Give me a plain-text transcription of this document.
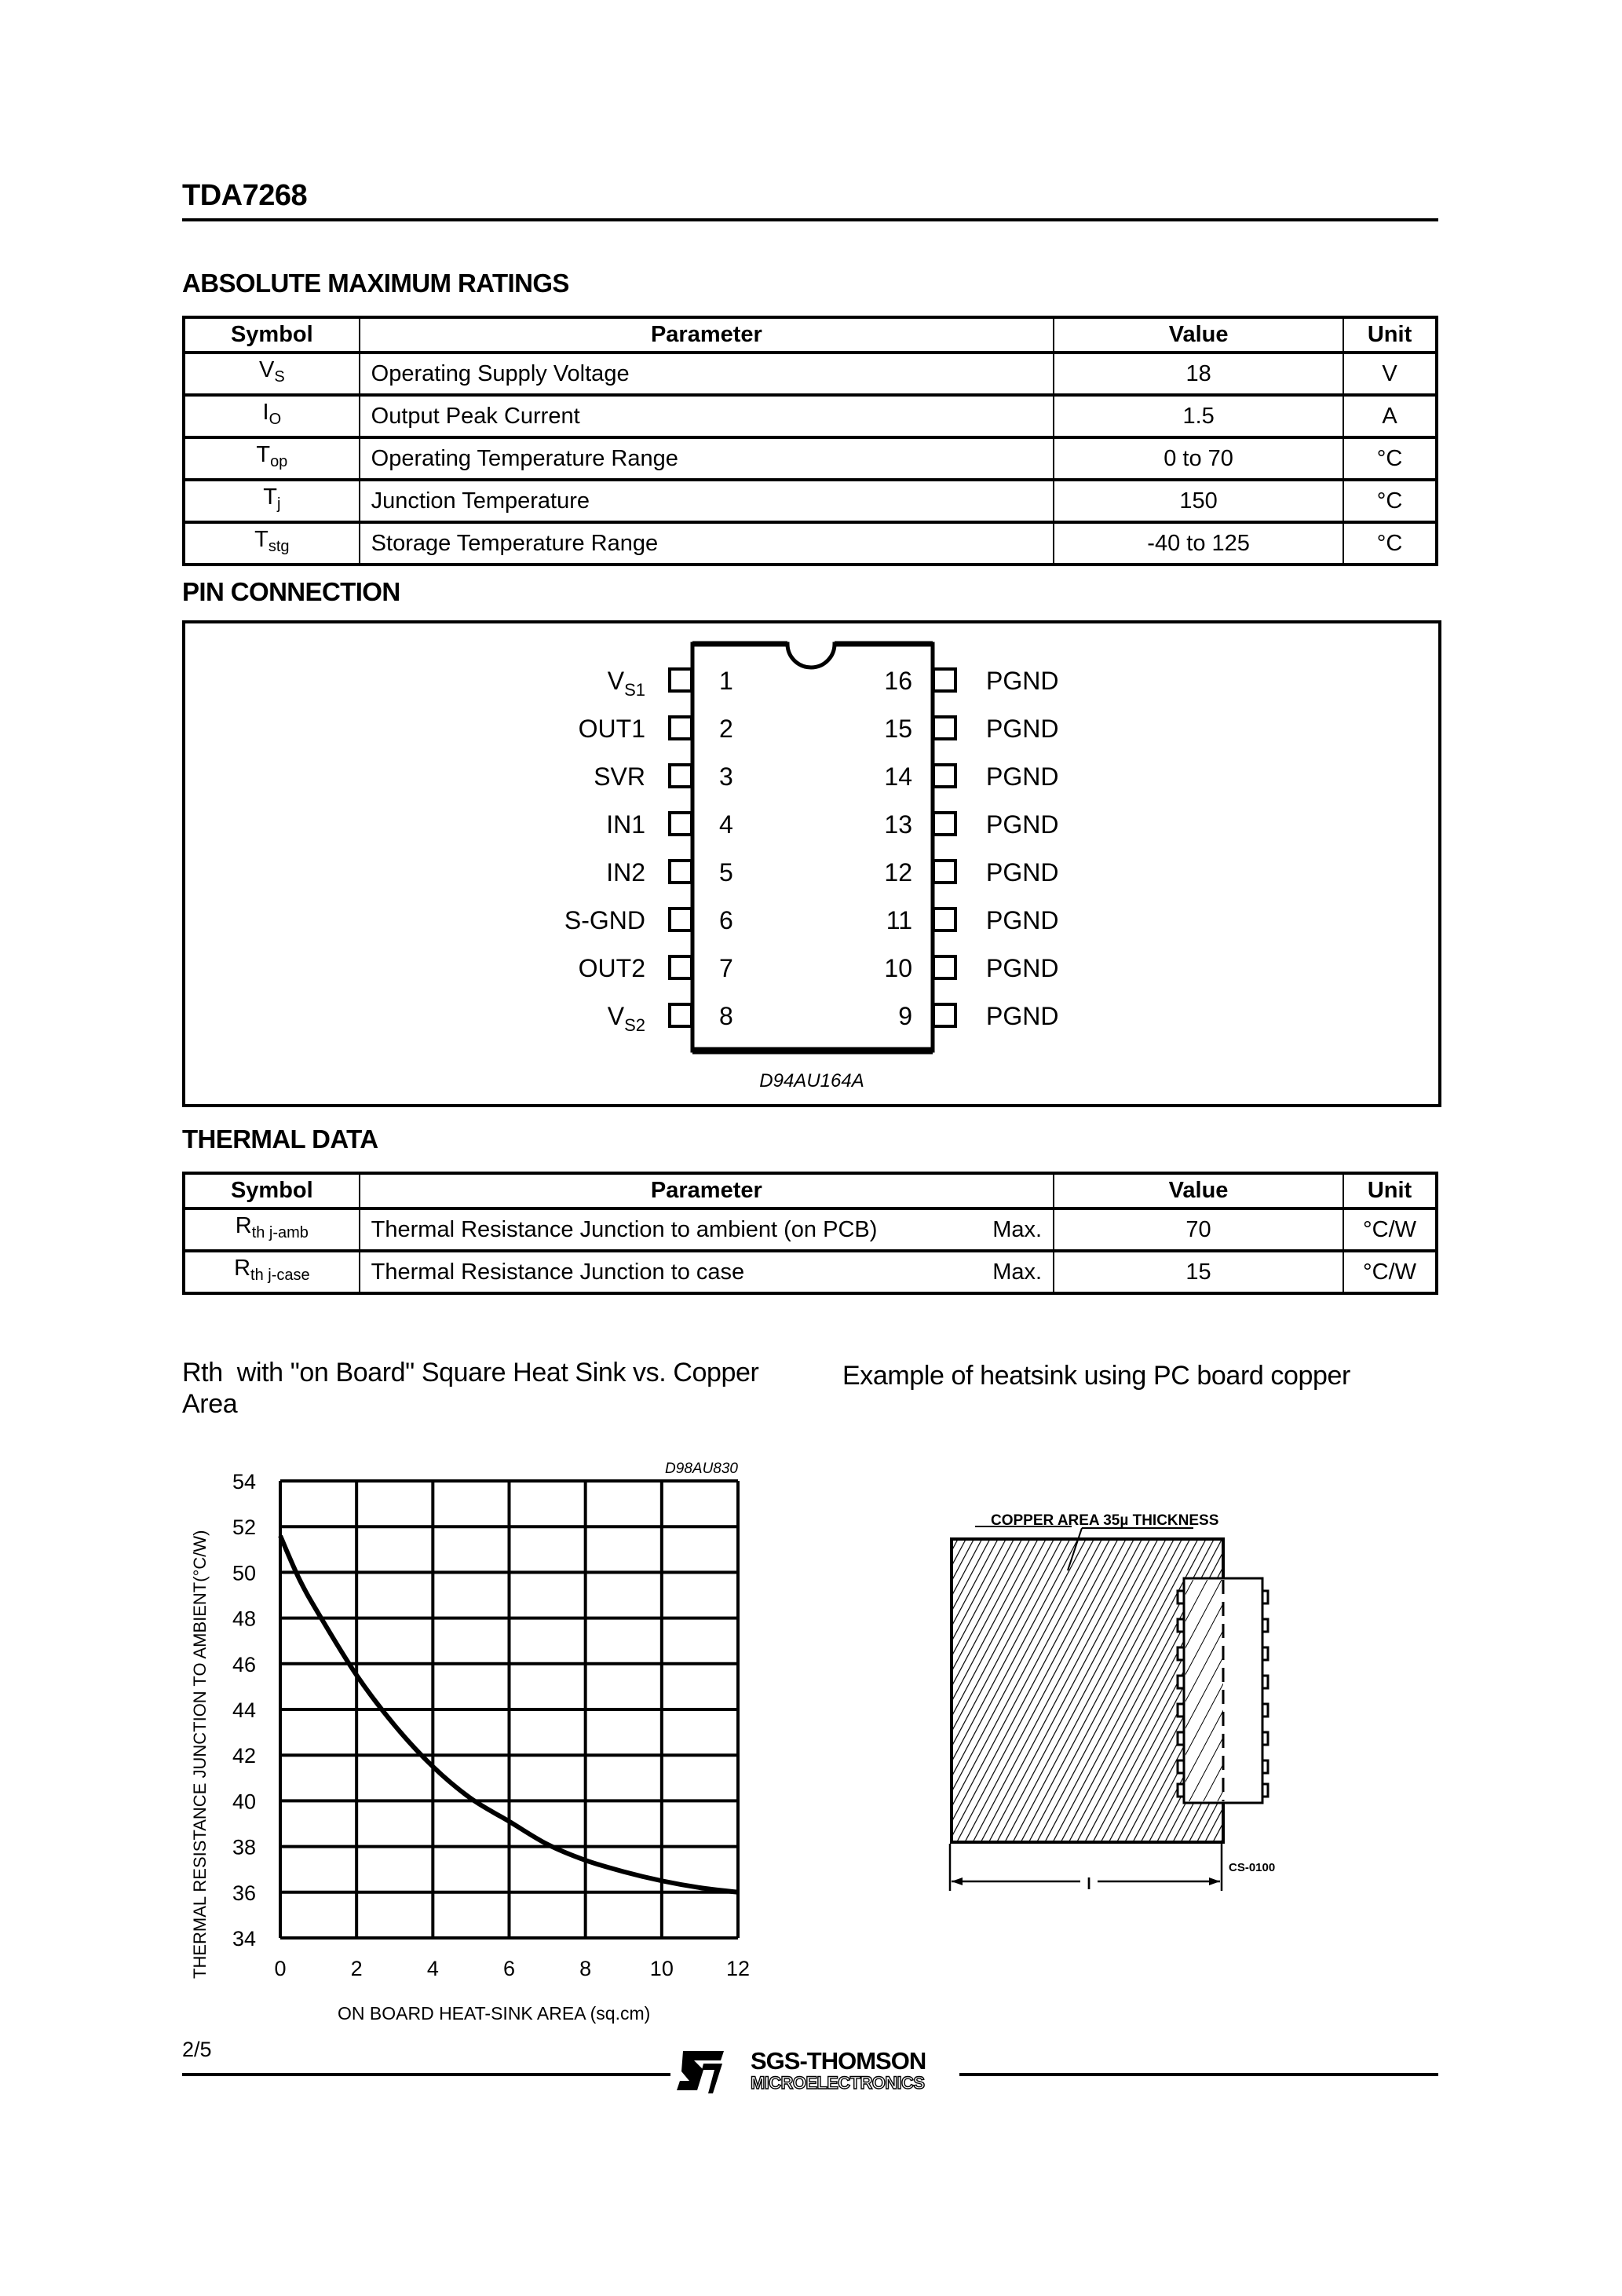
TDA7268
ABSOLUTE MAXIMUM RATINGS
Symbol	Parameter	Value	Unit
$V_S$	Operating Supply Voltage	18	V
$I_O$	Output Peak Current	1.5	A
$T_{op}$	Operating Temperature Range	0 to 70	°C
$T_j$	Junction Temperature	150	°C
$T_{stg}$	Storage Temperature Range	-40 to 125	°C
PIN CONNECTION
$V_{S1}$
OUT1
SVR
IN1
IN2
S-GND
OUT2
$V_{S2}$
1
2
3
4
5
6
7
8
16
15
14
13
12
11
10
9
PGND
PGND
PGND
PGND
PGND
PGND
PGND
PGND
D94AU164A
THERMAL DATA
Symbol	Parameter	Value	Unit
$R_{th j-amb}$	Thermal Resistance Junction to ambient (on PCB) Max.	70	°C/W
$R_{th j-case}$	Thermal Resistance Junction to case Max.	15	°C/W
Rth  with "on Board" Square Heat Sink vs. Copper
Area
Example of heatsink using PC board copper
54
52
50
48
46
44
42
40
38
36
34
0	2	4	6	8	10 12
D98AU830
THERMAL RESISTANCE JUNCTION TO AMBIENT(°C/W)
ON BOARD HEAT-SINK AREA (sq.cm)
COPPER AREA 35µ THICKNESS
l
CS-0100
2/5	SGS-THOMSON
MICROELECTRONICS
